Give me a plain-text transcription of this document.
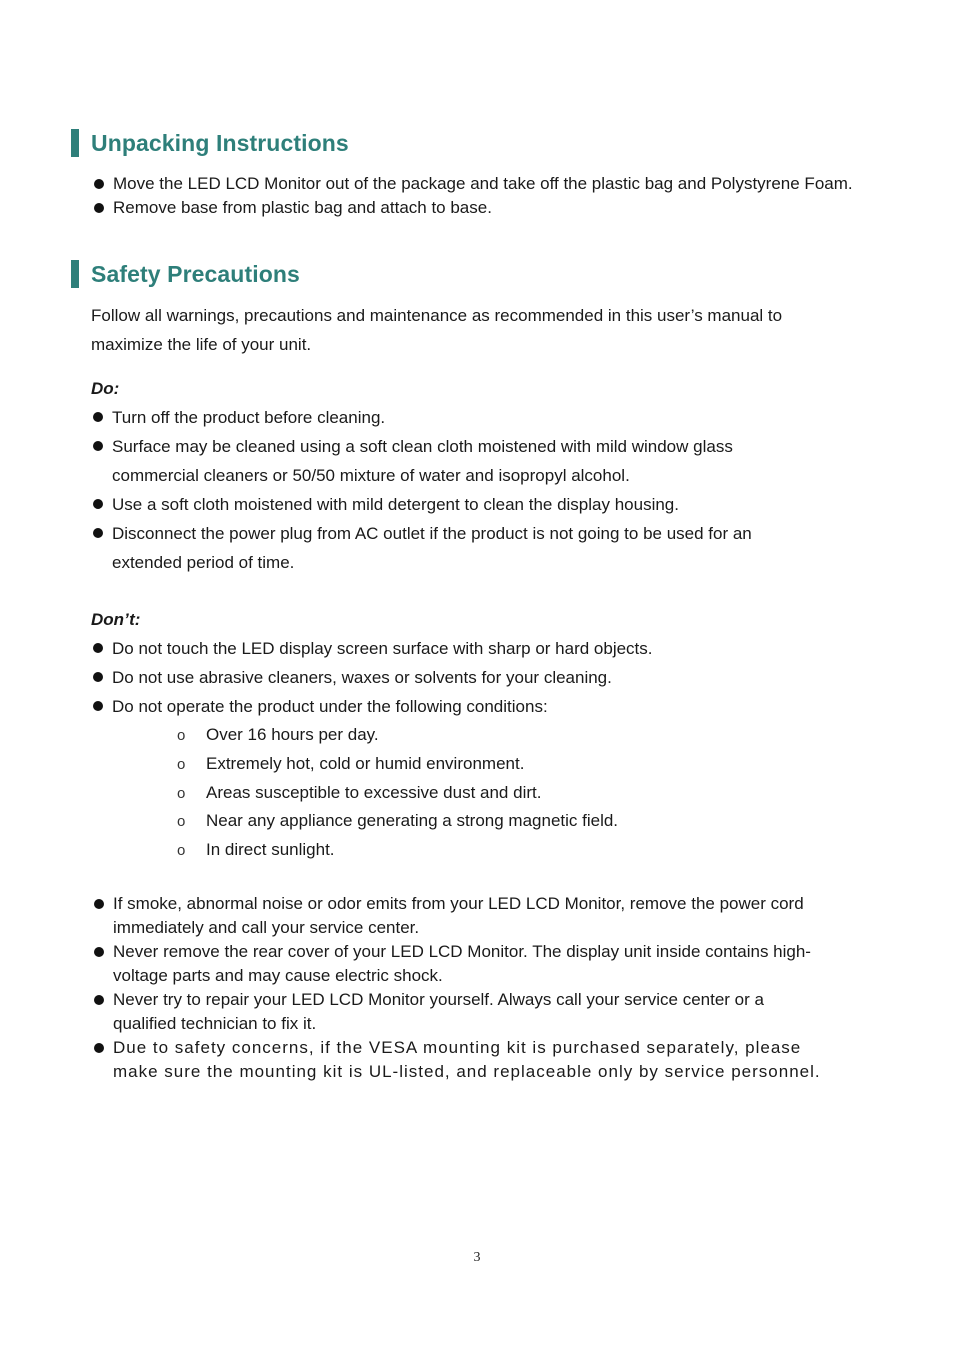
Unpacking Instructions
Move the LED LCD Monitor out of the package and take off the plastic bag and Polystyrene Foam.
Remove base from plastic bag and attach to base.
Safety Precautions

Follow all warnings, precautions and maintenance as recommended in this user’s manual to
maximize the life of your unit.

Do:
Turn off the product before cleaning.
Surface may be cleaned using a soft clean cloth moistened with mild window glass
commercial cleaners or 50/50 mixture of water and isopropyl alcohol.
Use a soft cloth moistened with mild detergent to clean the display housing.
Disconnect the power plug from AC outlet if the product is not going to be used for an
extended period of time.
Don’t:
Do not touch the LED display screen surface with sharp or hard objects.
Do not use abrasive cleaners, waxes or solvents for your cleaning.
Do not operate the product under the following conditions:
o Over 16 hours per day.
o Extremely hot, cold or humid environment.
o Areas susceptible to excessive dust and dirt.
o Near any appliance generating a strong magnetic field.
o In direct sunlight.
If smoke, abnormal noise or odor emits from your LED LCD Monitor, remove the power cord
immediately and call your service center.
Never remove the rear cover of your LED LCD Monitor. The display unit inside contains high-
voltage parts and may cause electric shock.
Never try to repair your LED LCD Monitor yourself. Always call your service center or a
qualified technician to fix it.
Due to safety concerns, if the VESA mounting kit is purchased separately, please
make sure the mounting kit is UL-listed, and replaceable only by service personnel.
3
